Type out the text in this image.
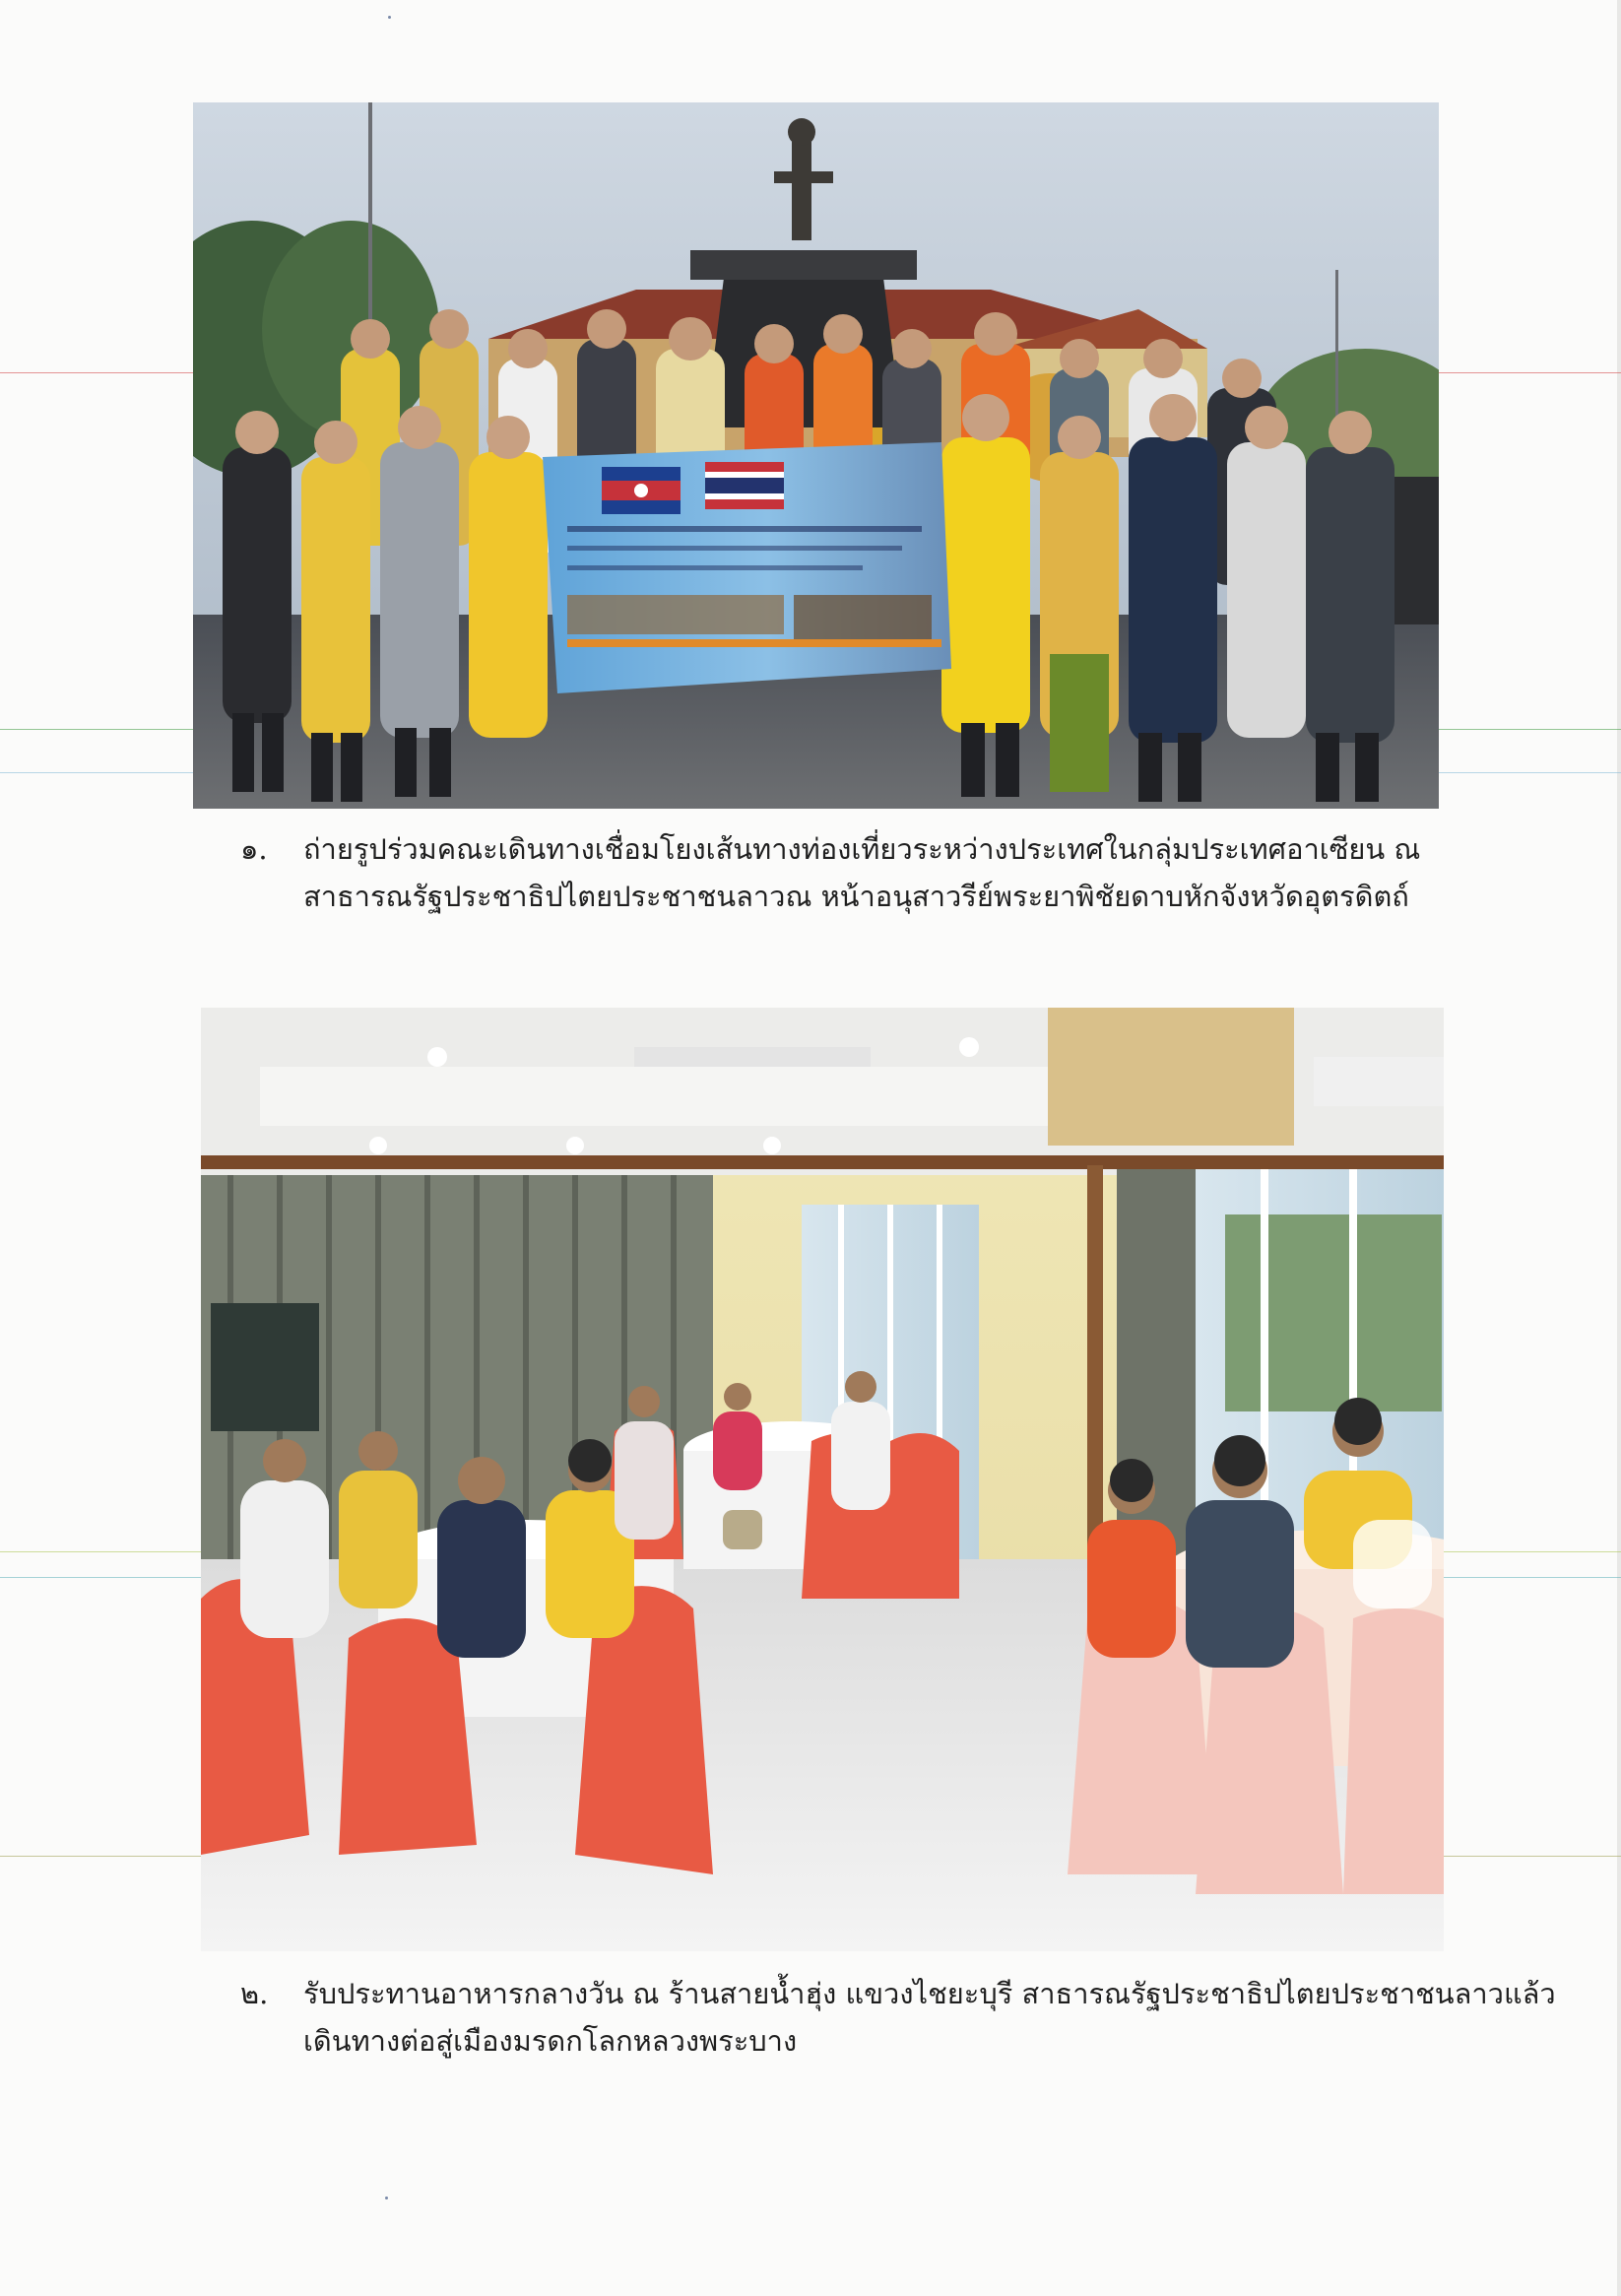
๑.	ถ่ายรูปร่วมคณะเดินทางเชื่อมโยงเส้นทางท่องเที่ยวระหว่างประเทศในกลุ่มประเทศอาเซียน ณ
สาธารณรัฐประชาธิปไตยประชาชนลาวณ หน้าอนุสาวรีย์พระยาพิชัยดาบหักจังหวัดอุตรดิตถ์
๒.	รับประทานอาหารกลางวัน ณ ร้านสายน้ำฮุ่ง แขวงไชยะบุรี สาธารณรัฐประชาธิปไตยประชาชนลาวแล้ว
เดินทางต่อสู่เมืองมรดกโลกหลวงพระบาง
